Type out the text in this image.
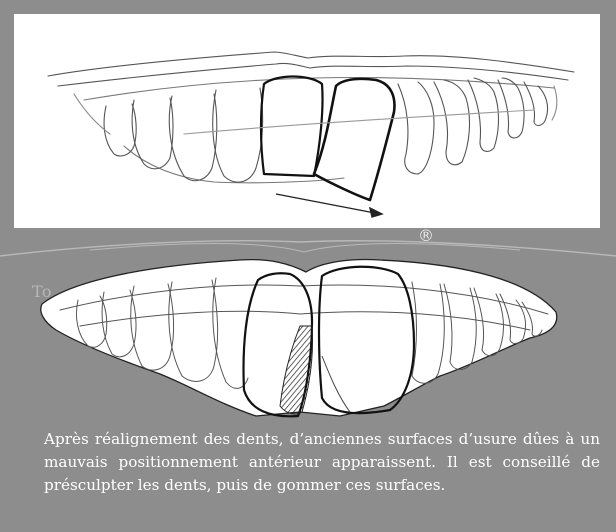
®
To
Après réalignement des dents, d’anciennes surfaces d’usure dûes à un mauvais positionnement antérieur apparaissent. Il est conseillé de présculpter les dents, puis de gommer ces surfaces.
